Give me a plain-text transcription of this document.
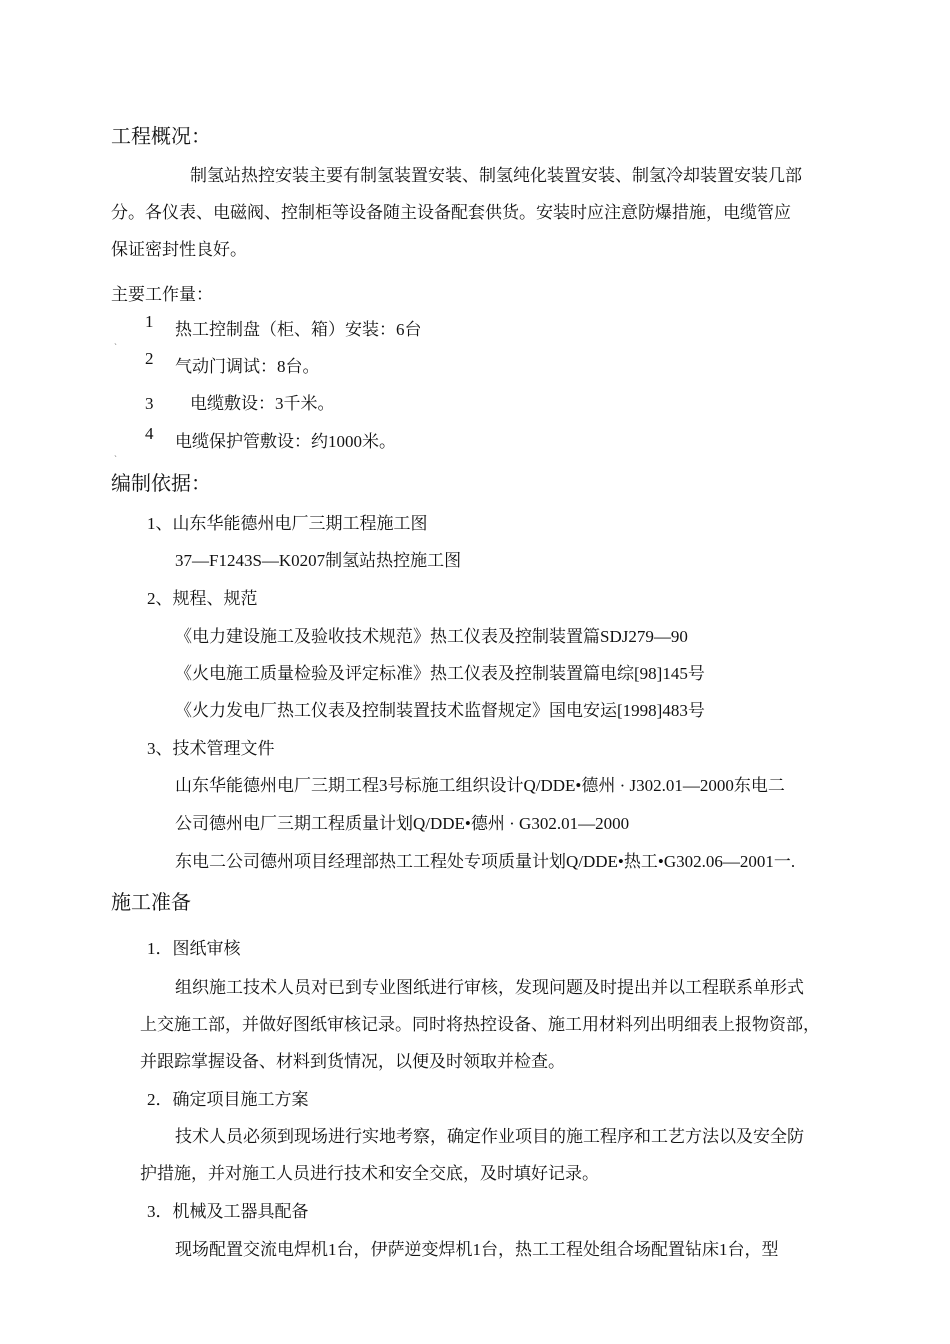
工程概况：
制氢站热控安装主要有制氢装置安装、制氢纯化装置安装、制氢冷却装置安装几部
分。各仪表、电磁阀、控制柜等设备随主设备配套供货。安装时应注意防爆措施，电缆管应
保证密封性良好。
主要工作量：
1 热工控制盘（柜、箱）安装：6台
`
2 气动门调试：8台。
3 电缆敷设：3千米。
4 电缆保护管敷设：约1000米。
`
编制依据：
1、山东华能德州电厂三期工程施工图
37—F1243S—K0207制氢站热控施工图
2、规程、规范
《电力建设施工及验收技术规范》热工仪表及控制装置篇SDJ279—90
《火电施工质量检验及评定标准》热工仪表及控制装置篇电综[98]145号
《火力发电厂热工仪表及控制装置技术监督规定》国电安运[1998]483号
3、技术管理文件
山东华能德州电厂三期工程3号标施工组织设计Q/DDE•德州 · J302.01—2000东电二
公司德州电厂三期工程质量计划Q/DDE•德州 · G302.01—2000
东电二公司德州项目经理部热工工程处专项质量计划Q/DDE•热工•G302.06—2001一.
施工准备
1．图纸审核
组织施工技术人员对已到专业图纸进行审核，发现问题及时提出并以工程联系单形式
上交施工部，并做好图纸审核记录。同时将热控设备、施工用材料列出明细表上报物资部，
并跟踪掌握设备、材料到货情况，以便及时领取并检查。
2．确定项目施工方案
技术人员必须到现场进行实地考察，确定作业项目的施工程序和工艺方法以及安全防
护措施，并对施工人员进行技术和安全交底，及时填好记录。
3．机械及工器具配备
现场配置交流电焊机1台，伊萨逆变焊机1台，热工工程处组合场配置钻床1台，型
